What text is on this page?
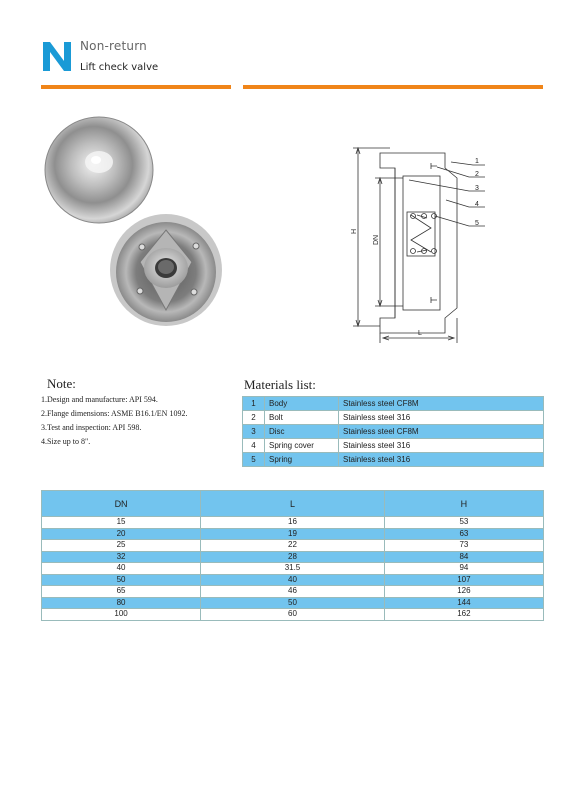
N	Non-return
Lift check valve
1
2
3
4
5
H
DN
L
Note:
1.Design and manufacture: API 594.
2.Flange dimensions: ASME B16.1/EN 1092.
3.Test and inspection: API 598.
4.Size up to 8".
Materials list:
1	Body	Stainless steel CF8M
2	Bolt	Stainless steel 316
3	Disc	Stainless steel CF8M
4	Spring cover	Stainless steel 316
5	Spring	Stainless steel 316
DN	L	H
15	16	53
20	19	63
25	22	73
32	28	84
40	31.5	94
50	40	107
65	46	126
80	50	144
100	60	162
